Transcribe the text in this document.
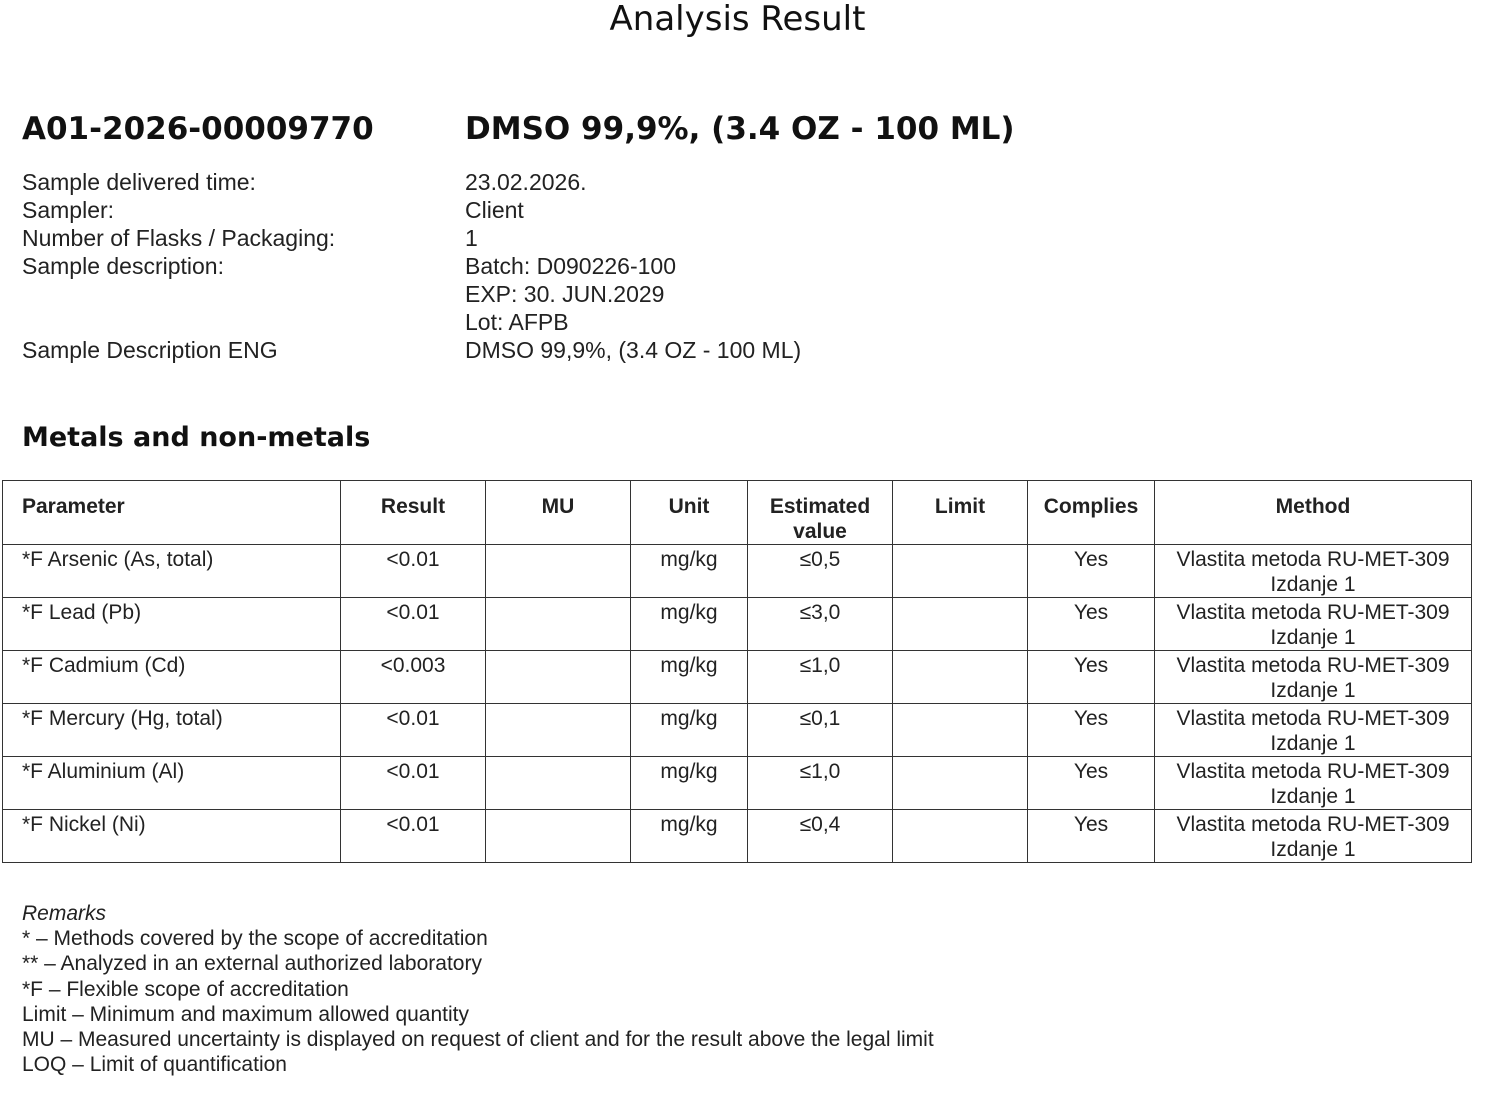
Analysis Result
A01-2026-00009770	DMSO 99,9%, (3.4 OZ - 100 ML)
Sample delivered time:	23.02.2026.
Sampler:	Client
Number of Flasks / Packaging:	1
Sample description:	Batch: D090226-100
EXP: 30. JUN.2029
Lot: AFPB
Sample Description ENG	DMSO 99,9%, (3.4 OZ - 100 ML)
Metals and non-metals
Parameter	Result	MU	Unit	Estimated value	Limit	Complies	Method
*F Arsenic (As, total)	<0.01		mg/kg	≤0,5		Yes	Vlastita metoda RU-MET-309
Izdanje 1

*F Lead (Pb)	<0.01		mg/kg	≤3,0		Yes	Vlastita metoda RU-MET-309
Izdanje 1

*F Cadmium (Cd)	<0.003		mg/kg	≤1,0		Yes	Vlastita metoda RU-MET-309
Izdanje 1

*F Mercury (Hg, total)	<0.01		mg/kg	≤0,1		Yes	Vlastita metoda RU-MET-309
Izdanje 1

*F Aluminium (Al)	<0.01		mg/kg	≤1,0		Yes	Vlastita metoda RU-MET-309
Izdanje 1

*F Nickel (Ni)	<0.01		mg/kg	≤0,4		Yes	Vlastita metoda RU-MET-309
Izdanje 1
Remarks
* – Methods covered by the scope of accreditation
** – Analyzed in an external authorized laboratory
*F – Flexible scope of accreditation
Limit – Minimum and maximum allowed quantity
MU – Measured uncertainty is displayed on request of client and for the result above the legal limit
LOQ – Limit of quantification
